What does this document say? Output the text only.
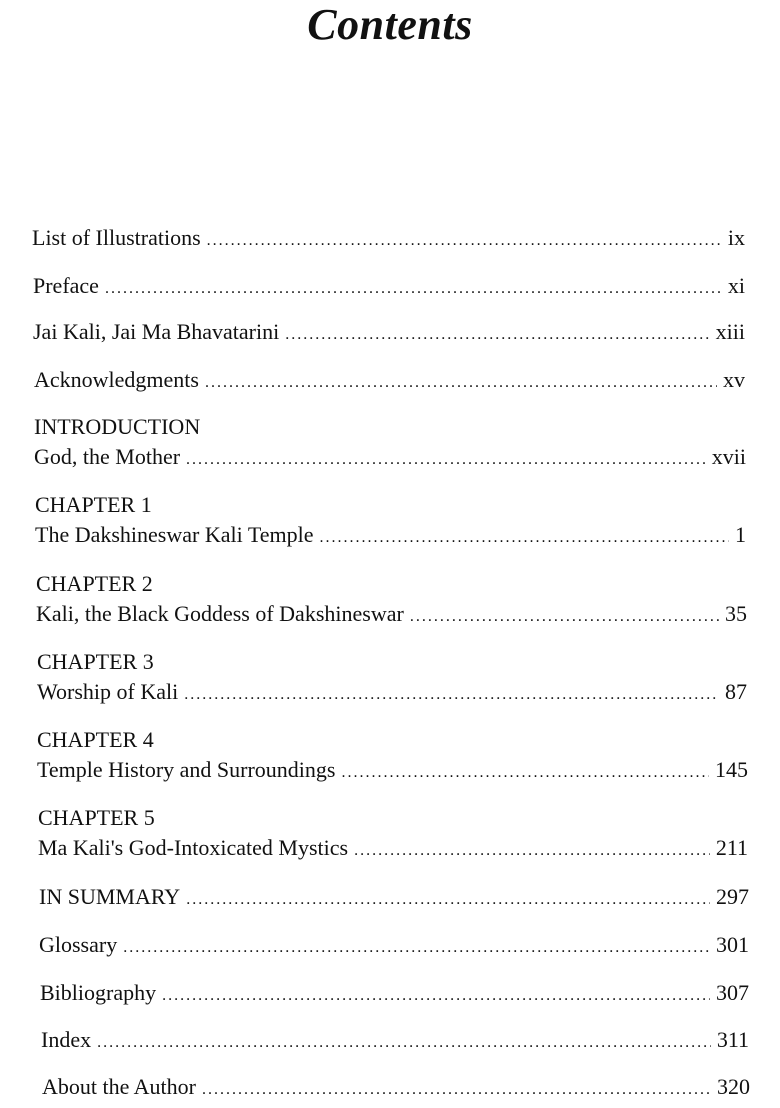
Contents
List of Illustrations .....	ix
Preface .....	xi
Jai Kali, Jai Ma Bhavatarini .....	xiii
Acknowledgments .....	xv
INTRODUCTION
God, the Mother .....	xvii
CHAPTER 1
The Dakshineswar Kali Temple .....	1
CHAPTER 2
Kali, the Black Goddess of Dakshineswar .....	35
CHAPTER 3
Worship of Kali .....	87
CHAPTER 4
Temple History and Surroundings .....	145
CHAPTER 5
Ma Kali's God-Intoxicated Mystics .....	211
IN SUMMARY .....	297
Glossary .....	301
Bibliography .....	307
Index .....	311
About the Author .....	320
